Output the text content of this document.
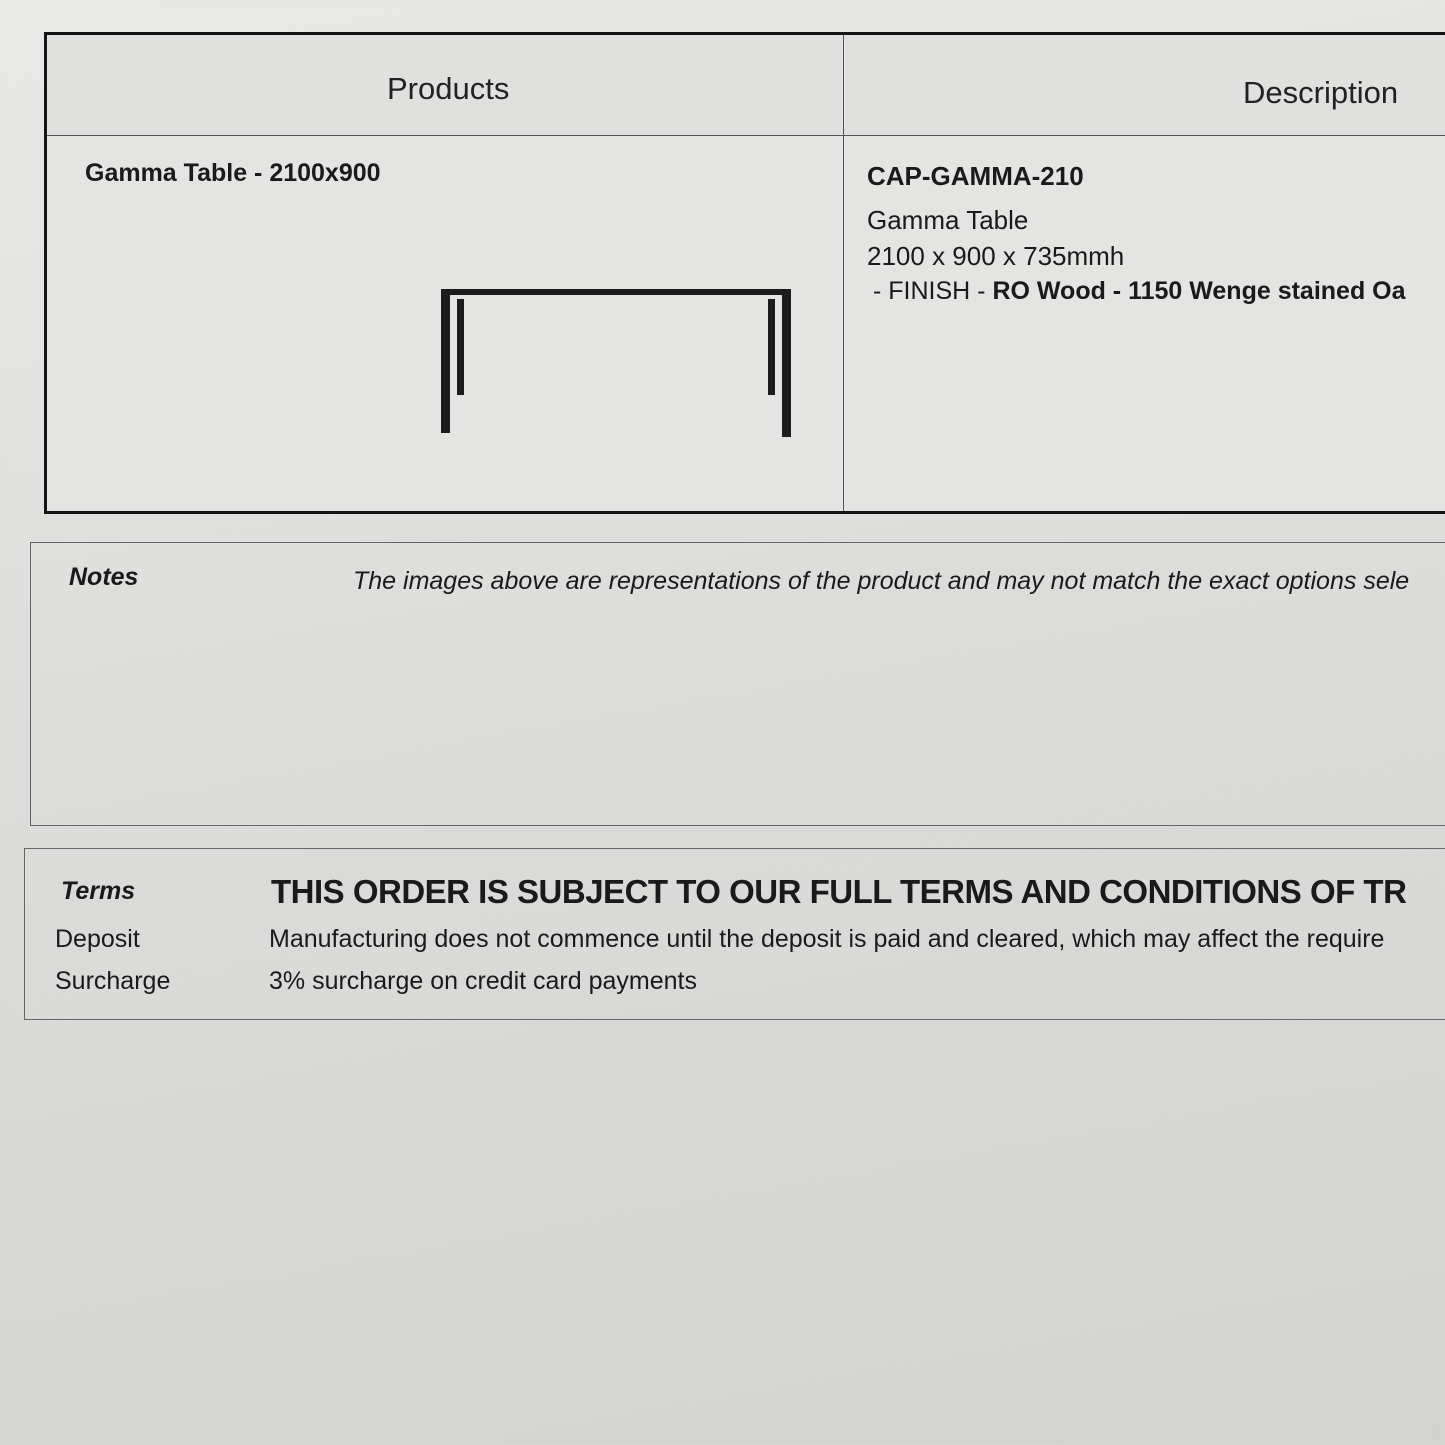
Products	Description
Gamma Table - 2100x900	CAP-GAMMA-210
Gamma Table
2100 x 900 x 735mmh
- FINISH - RO Wood - 1150 Wenge stained Oa
Notes	The images above are representations of the product and may not match the exact options sele
Terms	THIS ORDER IS SUBJECT TO OUR FULL TERMS AND CONDITIONS OF TR
Deposit	Manufacturing does not commence until the deposit is paid and cleared, which may affect the require
Surcharge	3% surcharge on credit card payments
